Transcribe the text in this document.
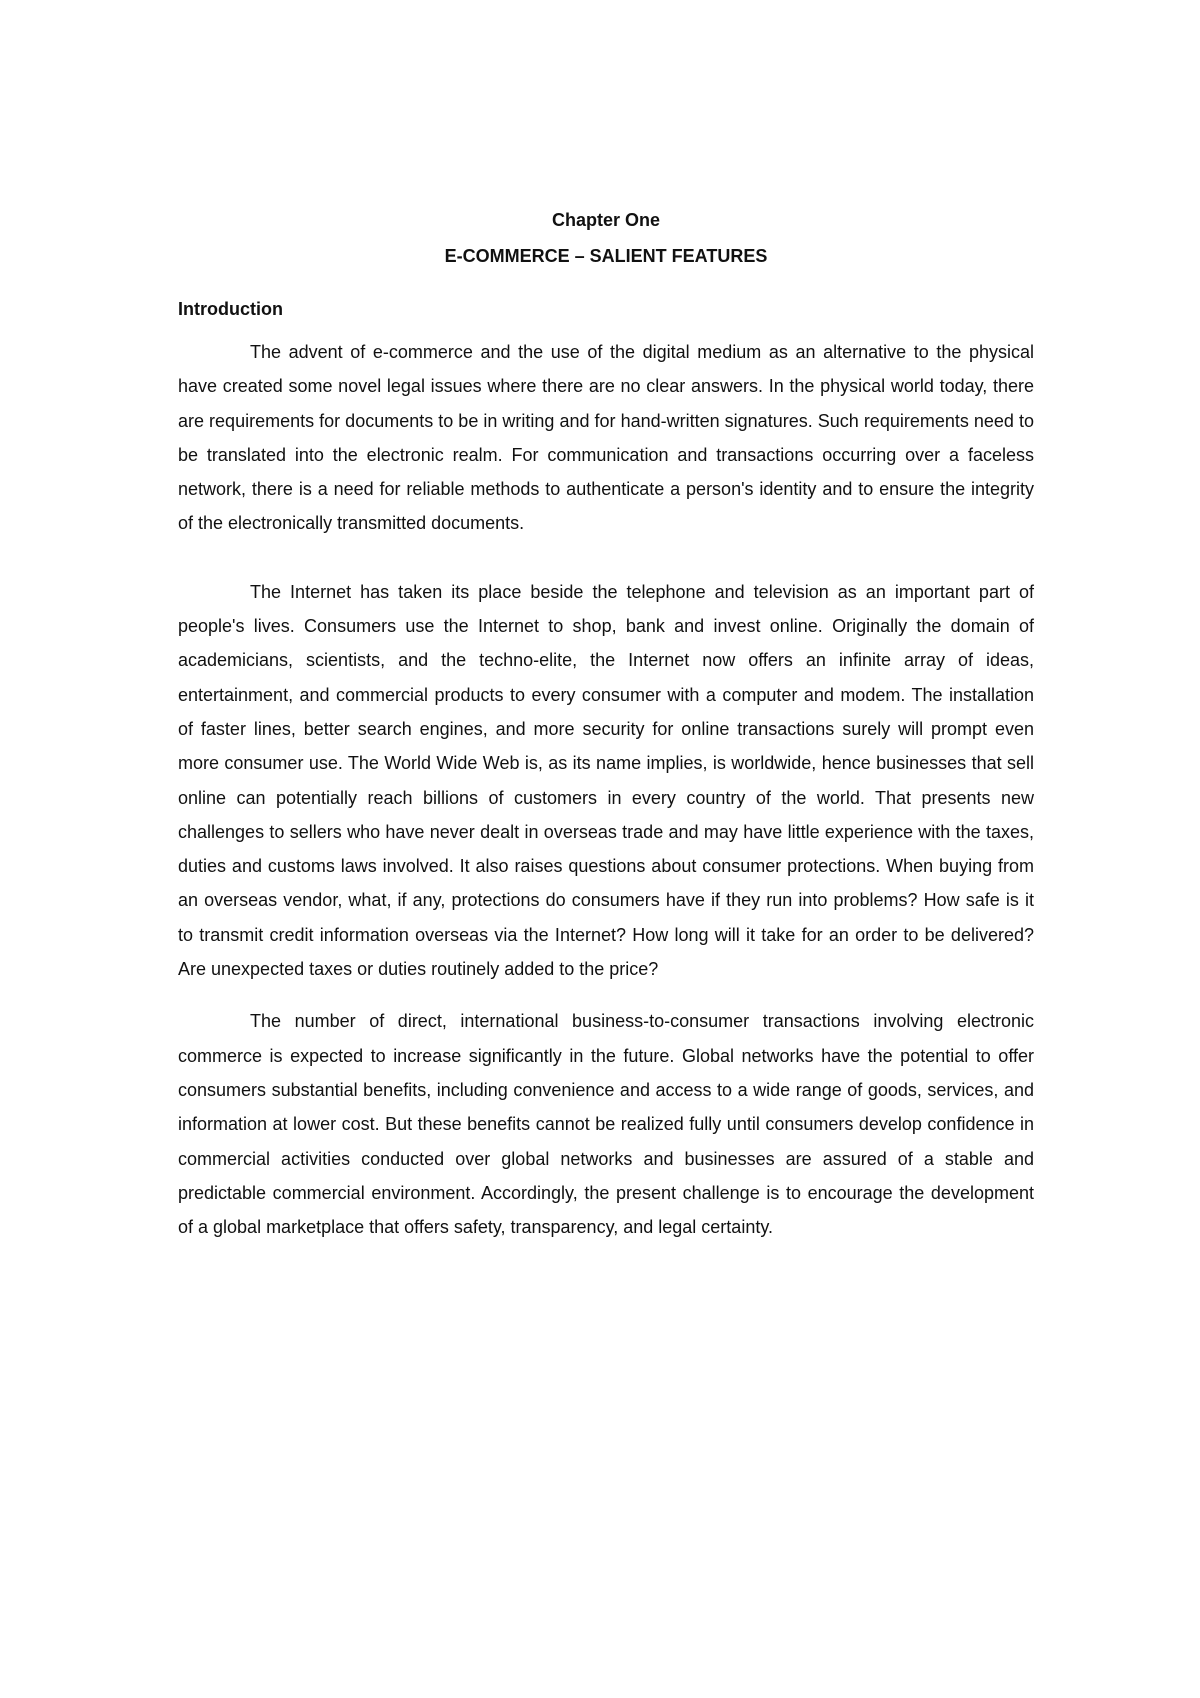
Chapter One

E-COMMERCE – SALIENT FEATURES

Introduction

The advent of e-commerce and the use of the digital medium as an alternative to the physical have created some novel legal issues where there are no clear answers. In the physical world today, there are requirements for documents to be in writing and for hand-written signatures. Such requirements need to be translated into the electronic realm. For communication and transactions occurring over a faceless network, there is a need for reliable methods to authenticate a person's identity and to ensure the integrity of the electronically transmitted documents.

The Internet has taken its place beside the telephone and television as an important part of people's lives. Consumers use the Internet to shop, bank and invest online. Originally the domain of academicians, scientists, and the techno-elite, the Internet now offers an infinite array of ideas, entertainment, and commercial products to every consumer with a computer and modem. The installation of faster lines, better search engines, and more security for online transactions surely will prompt even more consumer use. The World Wide Web is, as its name implies, is worldwide, hence businesses that sell online can potentially reach billions of customers in every country of the world. That presents new challenges to sellers who have never dealt in overseas trade and may have little experience with the taxes, duties and customs laws involved. It also raises questions about consumer protections. When buying from an overseas vendor, what, if any, protections do consumers have if they run into problems? How safe is it to transmit credit information overseas via the Internet? How long will it take for an order to be delivered? Are unexpected taxes or duties routinely added to the price?

The number of direct, international business-to-consumer transactions involving electronic commerce is expected to increase significantly in the future. Global networks have the potential to offer consumers substantial benefits, including convenience and access to a wide range of goods, services, and information at lower cost. But these benefits cannot be realized fully until consumers develop confidence in commercial activities conducted over global networks and businesses are assured of a stable and predictable commercial environment. Accordingly, the present challenge is to encourage the development of a global marketplace that offers safety, transparency, and legal certainty.
